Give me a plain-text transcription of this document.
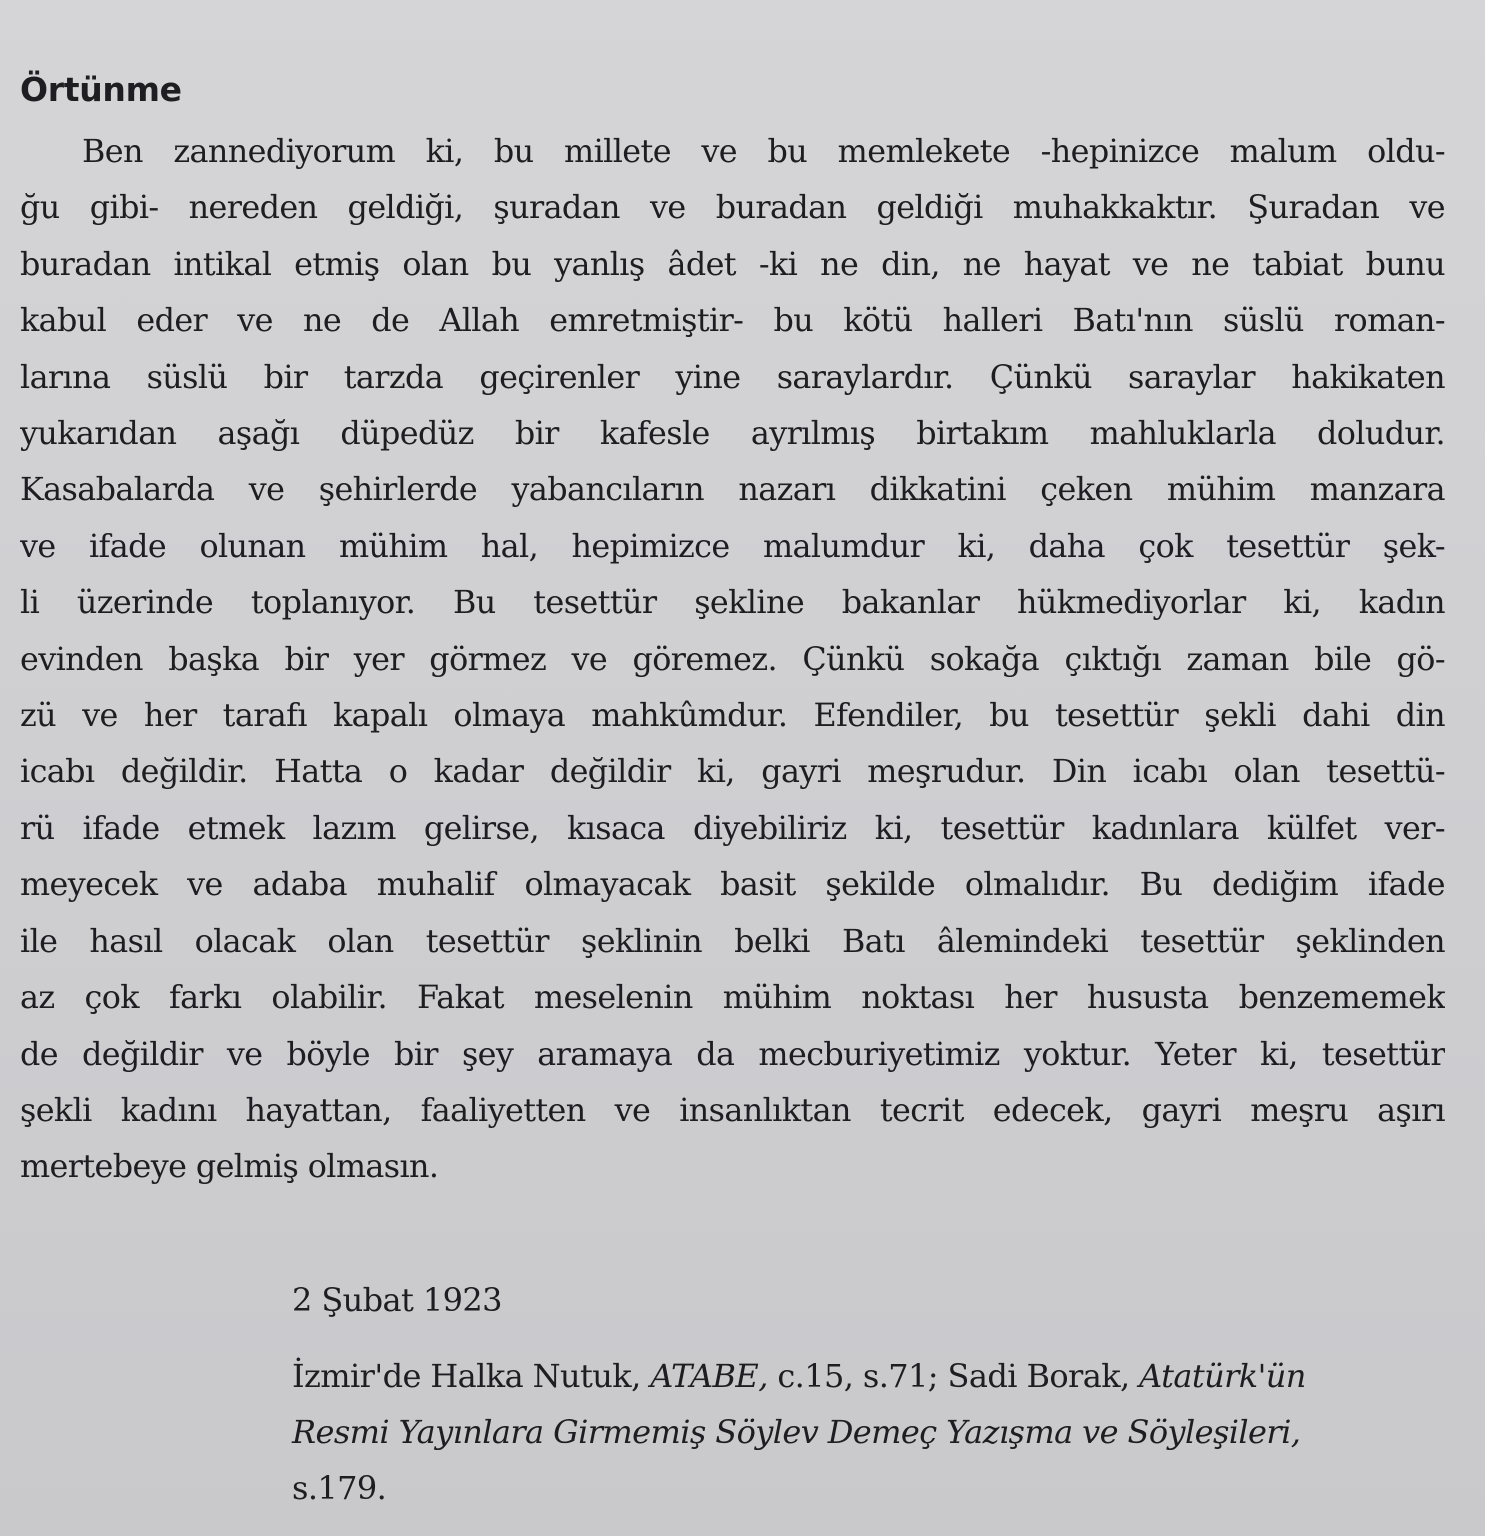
Örtünme
Ben zannediyorum ki, bu millete ve bu memlekete -hepinizce malum oldu-
ğu gibi- nereden geldiği, şuradan ve buradan geldiği muhakkaktır. Şuradan ve
buradan intikal etmiş olan bu yanlış âdet -ki ne din, ne hayat ve ne tabiat bunu
kabul eder ve ne de Allah emretmiştir- bu kötü halleri Batı'nın süslü roman-
larına süslü bir tarzda geçirenler yine saraylardır. Çünkü saraylar hakikaten
yukarıdan aşağı düpedüz bir kafesle ayrılmış birtakım mahluklarla doludur.
Kasabalarda ve şehirlerde yabancıların nazarı dikkatini çeken mühim manzara
ve ifade olunan mühim hal, hepimizce malumdur ki, daha çok tesettür şek-
li üzerinde toplanıyor. Bu tesettür şekline bakanlar hükmediyorlar ki, kadın
evinden başka bir yer görmez ve göremez. Çünkü sokağa çıktığı zaman bile gö-
zü ve her tarafı kapalı olmaya mahkûmdur. Efendiler, bu tesettür şekli dahi din
icabı değildir. Hatta o kadar değildir ki, gayri meşrudur. Din icabı olan tesettü-
rü ifade etmek lazım gelirse, kısaca diyebiliriz ki, tesettür kadınlara külfet ver-
meyecek ve adaba muhalif olmayacak basit şekilde olmalıdır. Bu dediğim ifade
ile hasıl olacak olan tesettür şeklinin belki Batı âlemindeki tesettür şeklinden
az çok farkı olabilir. Fakat meselenin mühim noktası her hususta benzememek
de değildir ve böyle bir şey aramaya da mecburiyetimiz yoktur. Yeter ki, tesettür
şekli kadını hayattan, faaliyetten ve insanlıktan tecrit edecek, gayri meşru aşırı
mertebeye gelmiş olmasın.
2 Şubat 1923
İzmir'de Halka Nutuk, ATABE, c.15, s.71; Sadi Borak, Atatürk'ün
Resmi Yayınlara Girmemiş Söylev Demeç Yazışma ve Söyleşileri,
s.179.
